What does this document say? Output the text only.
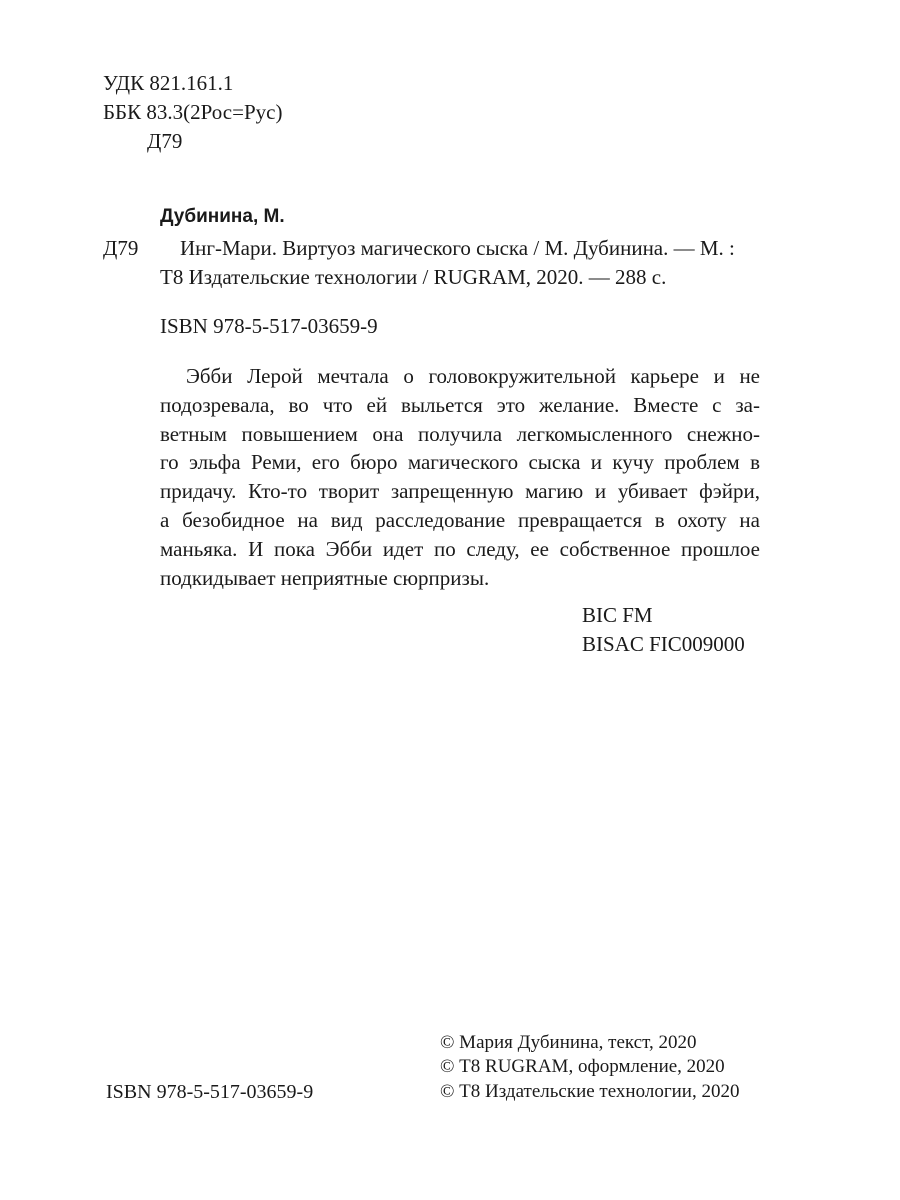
УДК 821.161.1

ББК 83.3(2Рос=Рус)

Д79

Дубинина, М.

Д79 Инг-Мари. Виртуоз магического сыска / М. Дубинина. — М. :

Т8 Издательские технологии / RUGRAM, 2020. — 288 с.

ISBN 978-5-517-03659-9

Эбби Лерой мечтала о головокружительной карьере и не
подозревала, во что ей выльется это желание. Вместе с за-
ветным повышением она получила легкомысленного снежно-
го эльфа Реми, его бюро магического сыска и кучу проблем в
придачу. Кто-то творит запрещенную магию и убивает фэйри,
а безобидное на вид расследование превращается в охоту на
маньяка. И пока Эбби идет по следу, ее собственное прошлое
подкидывает неприятные сюрпризы.

BIC FM

BISAC FIC009000

© Мария Дубинина, текст, 2020

© Т8 RUGRAM, оформление, 2020

© Т8 Издательские технологии, 2020

ISBN 978-5-517-03659-9
